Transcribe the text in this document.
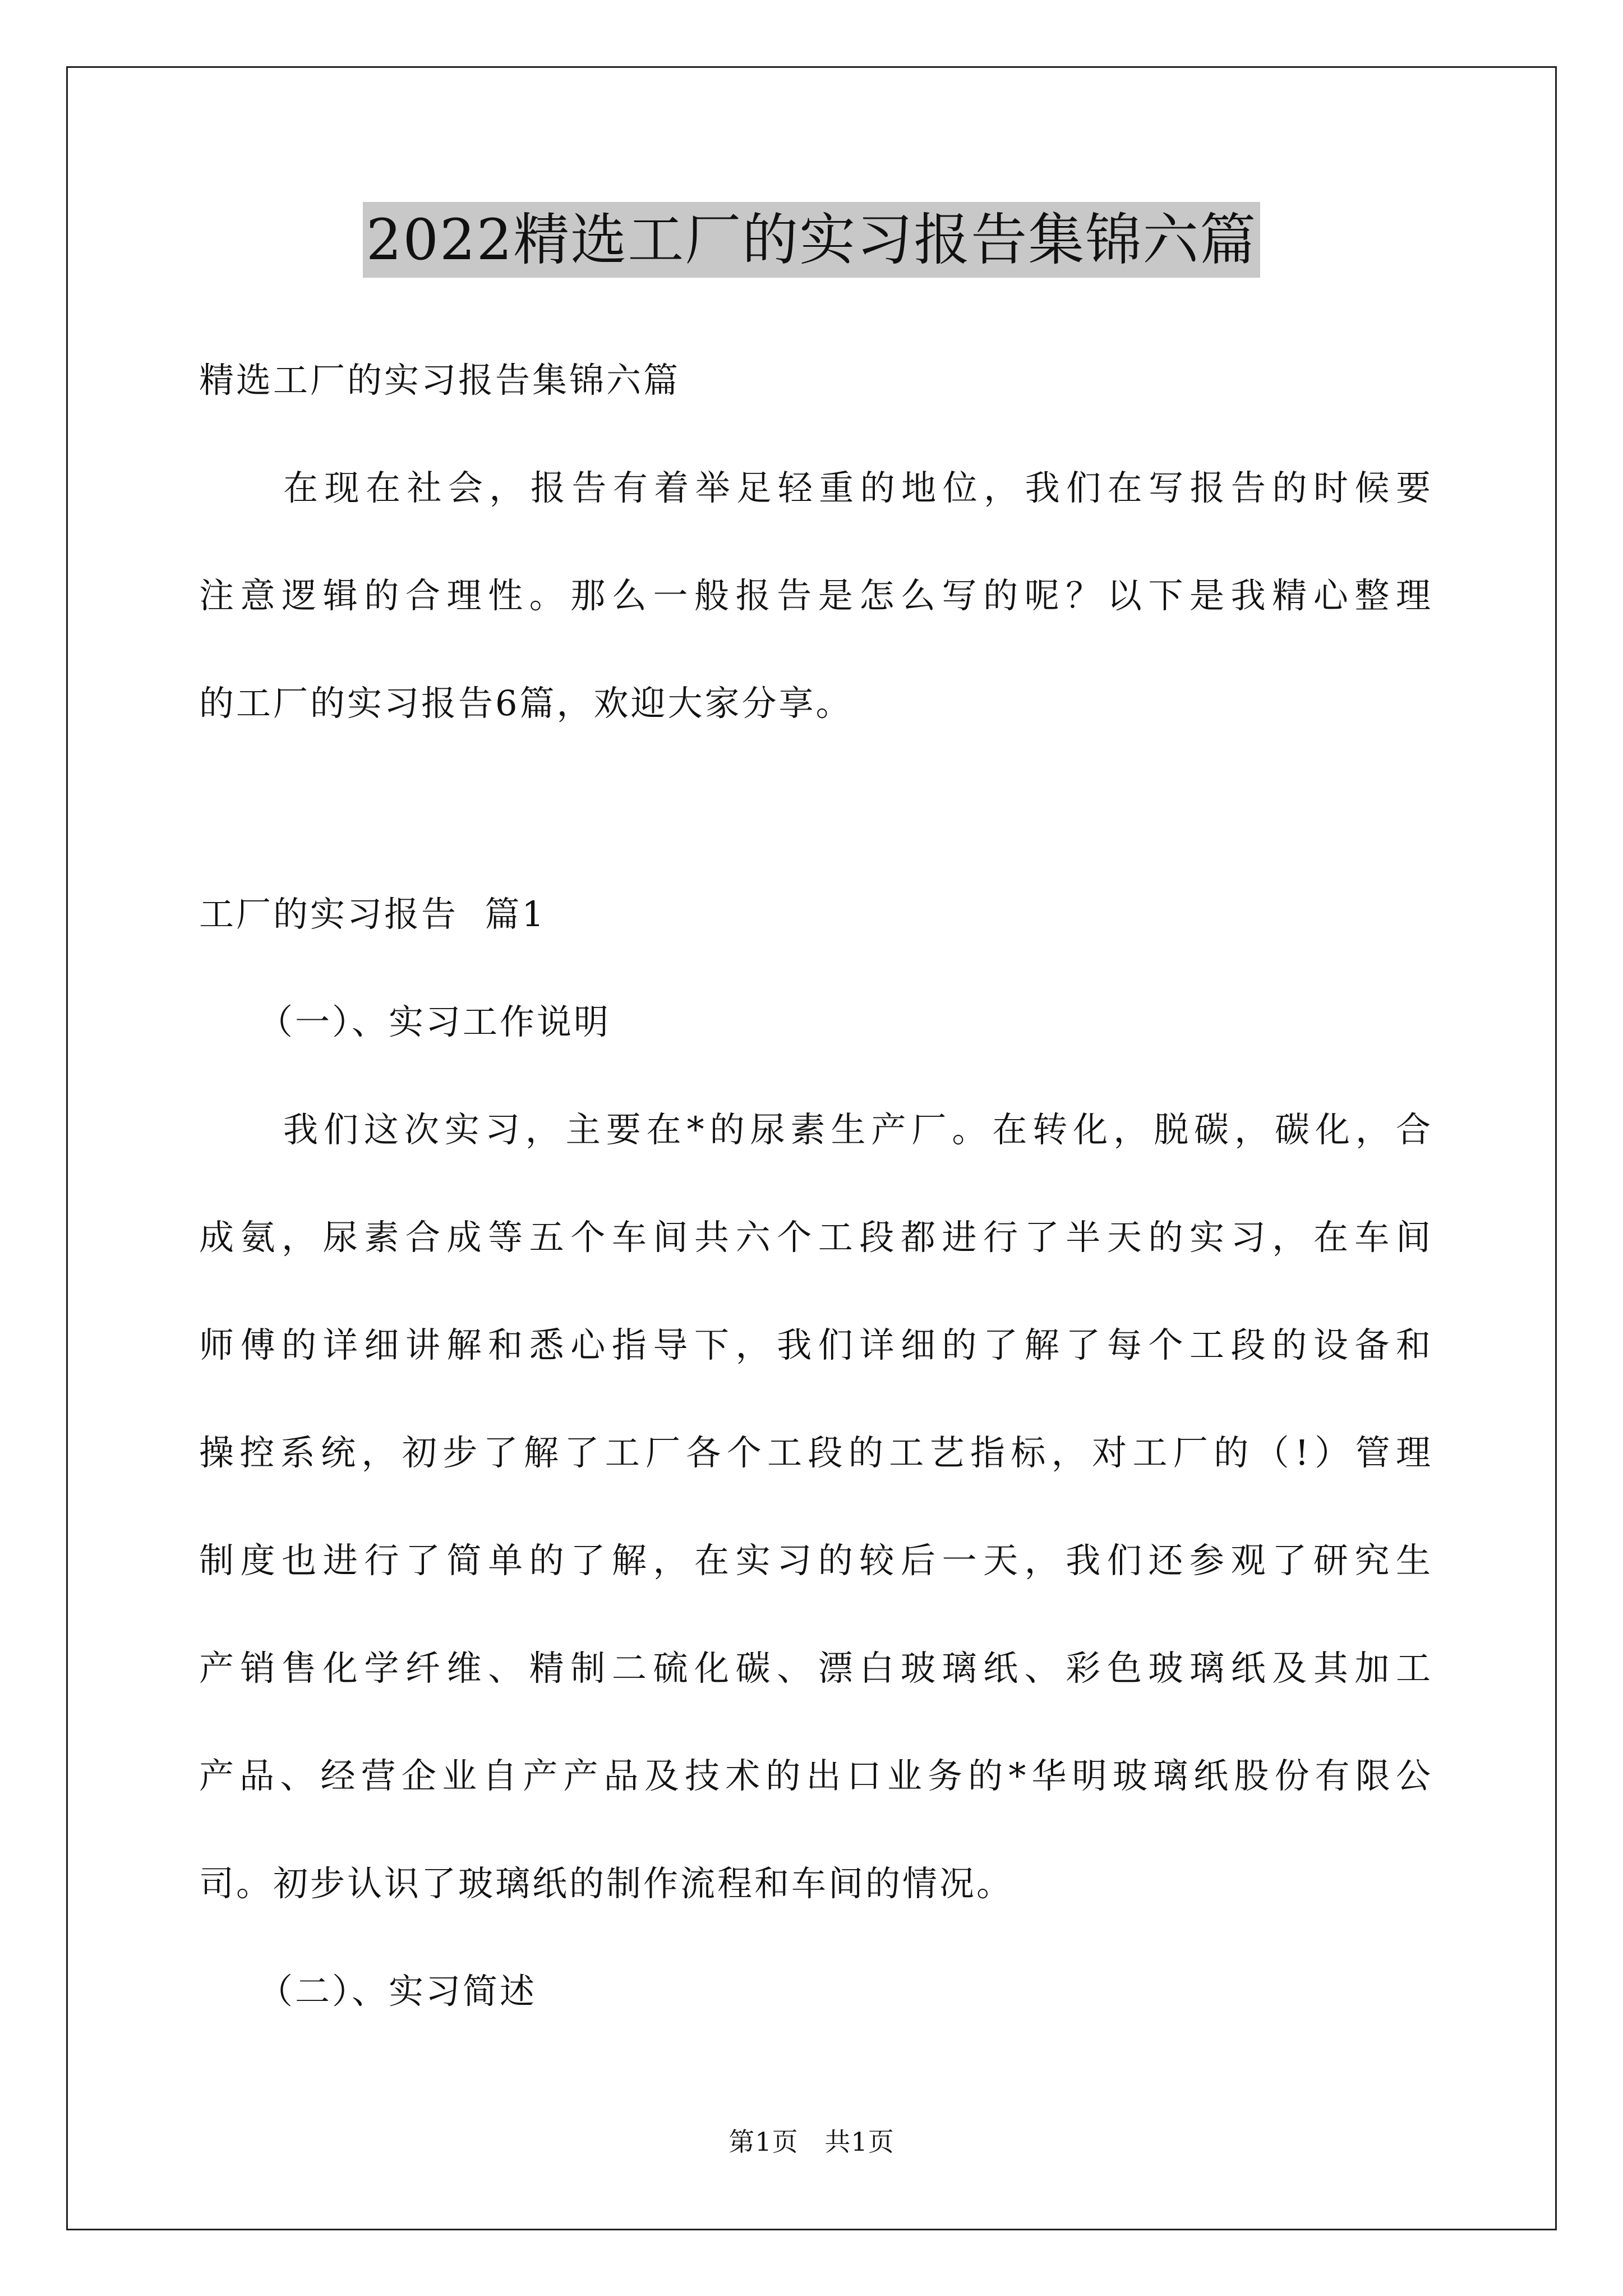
2022精选工厂的实习报告集锦六篇
精选工厂的实习报告集锦六篇
在现在社会，报告有着举足轻重的地位，我们在写报告的时候要
注意逻辑的合理性。那么一般报告是怎么写的呢？以下是我精心整理
的工厂的实习报告6篇，欢迎大家分享。
工厂的实习报告  篇1
（一）、实习工作说明
我们这次实习，主要在*的尿素生产厂。在转化，脱碳，碳化，合
成氨，尿素合成等五个车间共六个工段都进行了半天的实习，在车间
师傅的详细讲解和悉心指导下，我们详细的了解了每个工段的设备和
操控系统，初步了解了工厂各个工段的工艺指标，对工厂的（!）管理
制度也进行了简单的了解，在实习的较后一天，我们还参观了研究生
产销售化学纤维、精制二硫化碳、漂白玻璃纸、彩色玻璃纸及其加工
产品、经营企业自产产品及技术的出口业务的*华明玻璃纸股份有限公
司。初步认识了玻璃纸的制作流程和车间的情况。
（二）、实习简述
第1页   共1页
